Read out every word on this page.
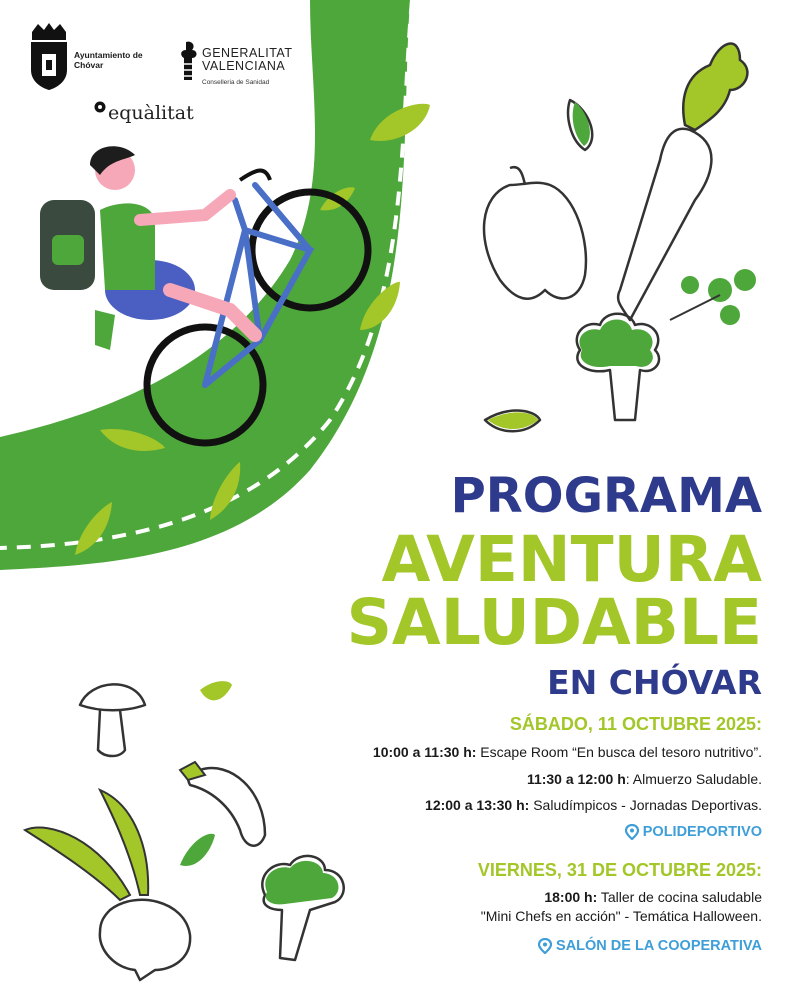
Ayuntamiento de Chóvar
GENERALITAT
VALENCIANA
Conselleria de Sanidad
equàlitat
PROGRAMA
AVENTURA
SALUDABLE
EN CHÓVAR
SÁBADO, 11 OCTUBRE 2025:
10:00 a 11:30 h: Escape Room “En busca del tesoro nutritivo”.
11:30 a 12:00 h: Almuerzo Saludable.
12:00 a 13:30 h: Saludímpicos - Jornadas Deportivas.
POLIDEPORTIVO
VIERNES, 31 DE OCTUBRE 2025:
18:00 h: Taller de cocina saludable
"Mini Chefs en acción" - Temática Halloween.
SALÓN DE LA COOPERATIVA
